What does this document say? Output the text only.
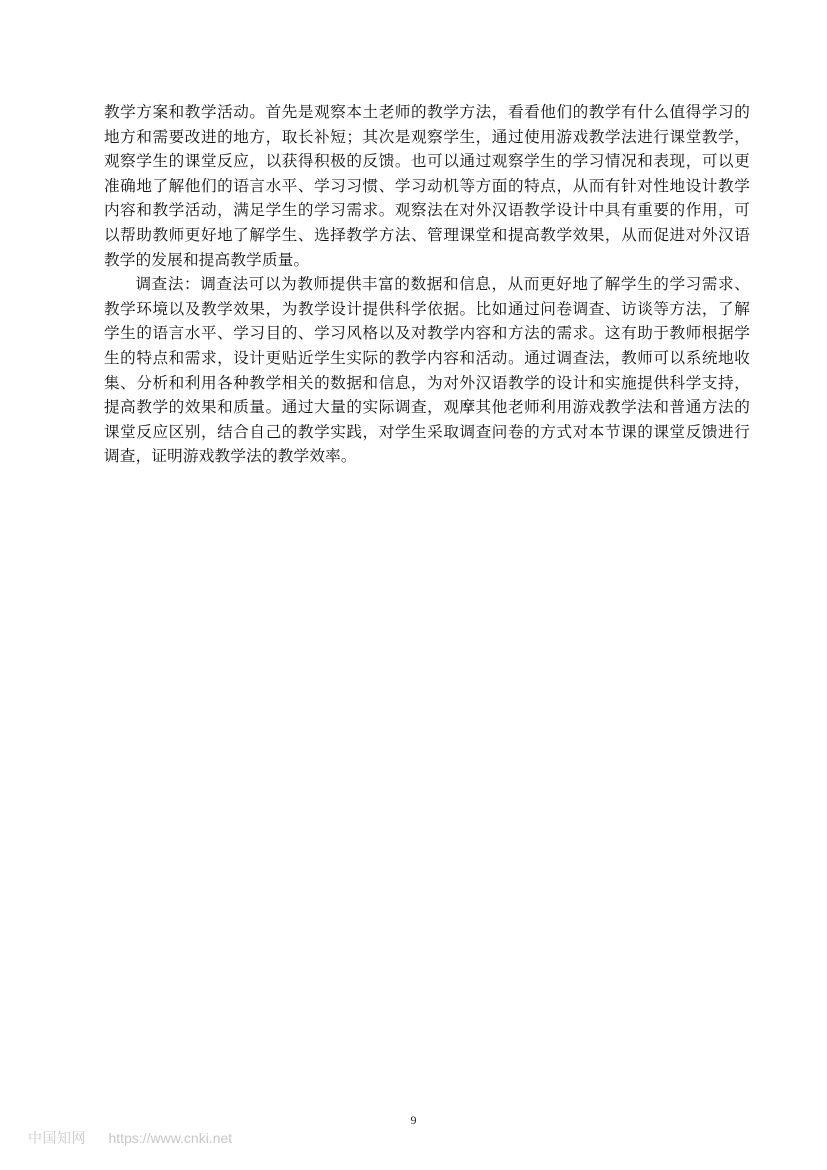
教学方案和教学活动。首先是观察本土老师的教学方法，看看他们的教学有什么值得学习的地方和需要改进的地方，取长补短；其次是观察学生，通过使用游戏教学法进行课堂教学，观察学生的课堂反应，以获得积极的反馈。也可以通过观察学生的学习情况和表现，可以更准确地了解他们的语言水平、学习习惯、学习动机等方面的特点，从而有针对性地设计教学内容和教学活动，满足学生的学习需求。观察法在对外汉语教学设计中具有重要的作用，可以帮助教师更好地了解学生、选择教学方法、管理课堂和提高教学效果，从而促进对外汉语教学的发展和提高教学质量。

调查法：调查法可以为教师提供丰富的数据和信息，从而更好地了解学生的学习需求、教学环境以及教学效果，为教学设计提供科学依据。比如通过问卷调查、访谈等方法，了解学生的语言水平、学习目的、学习风格以及对教学内容和方法的需求。这有助于教师根据学生的特点和需求，设计更贴近学生实际的教学内容和活动。通过调查法，教师可以系统地收集、分析和利用各种教学相关的数据和信息，为对外汉语教学的设计和实施提供科学支持，提高教学的效果和质量。通过大量的实际调查，观摩其他老师利用游戏教学法和普通方法的课堂反应区别，结合自己的教学实践，对学生采取调查问卷的方式对本节课的课堂反馈进行调查，证明游戏教学法的教学效率。

9
中国知网 https://www.cnki.net
